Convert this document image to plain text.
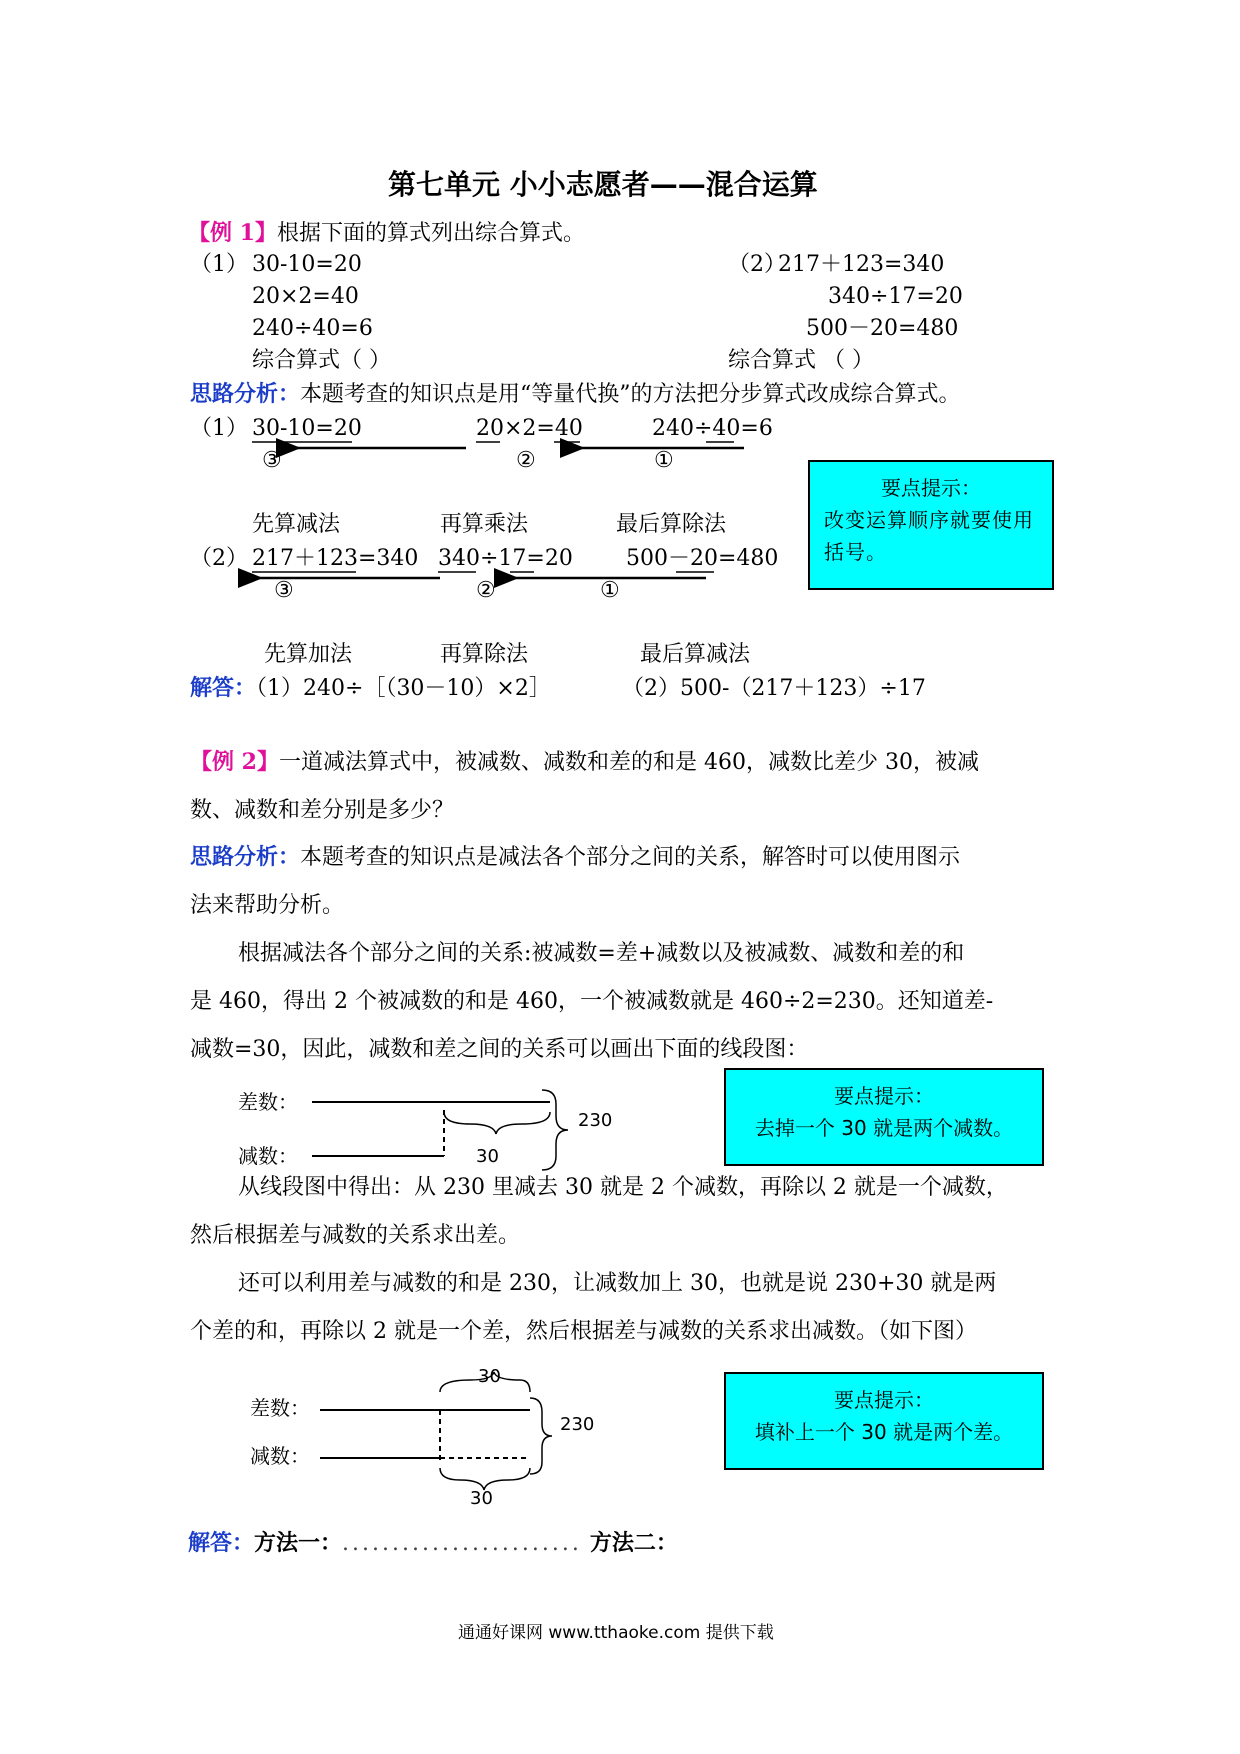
第七单元 小小志愿者——混合运算
【例 1】根据下面的算式列出综合算式。
（1） 30-10=20
20×2=40
240÷40=6
综合算式（ ）
（2）
217＋123=340
340÷17=20
500－20=480
综合算式 （ ）
思路分析：本题考查的知识点是用“等量代换”的方法把分步算式改成综合算式。
（1） 30-10=20	20×2=40	240÷40=6
③	②	①
先算减法	再算乘法	最后算除法
（2） 217＋123=340 340÷17=20 500－20=480
③	②	①
先算加法	再算除法	最后算减法
要点提示：
改变运算顺序就要使用括号。
解答：（1）240÷［（30－10）×2］	（2）500-（217＋123）÷17
【例 2】一道减法算式中，被减数、减数和差的和是 460，减数比差少 30，被减
数、减数和差分别是多少？
思路分析：本题考查的知识点是减法各个部分之间的关系，解答时可以使用图示
法来帮助分析。
根据减法各个部分之间的关系:被减数=差+减数以及被减数、减数和差的和
是 460，得出 2 个被减数的和是 460，一个被减数就是 460÷2=230。还知道差-
减数=30，因此，减数和差之间的关系可以画出下面的线段图：
差数：
减数：	30
230
要点提示：
去掉一个 30 就是两个减数。
从线段图中得出：从 230 里减去 30 就是 2 个减数，再除以 2 就是一个减数，
然后根据差与减数的关系求出差。
还可以利用差与减数的和是 230，让减数加上 30，也就是说 230+30 就是两
个差的和，再除以 2 就是一个差，然后根据差与减数的关系求出减数。（如下图）
30
差数：
减数：
230
30
要点提示：
填补上一个 30 就是两个差。
解答：方法一：........................ 方法二：
通通好课网 www.tthaoke.com 提供下载
